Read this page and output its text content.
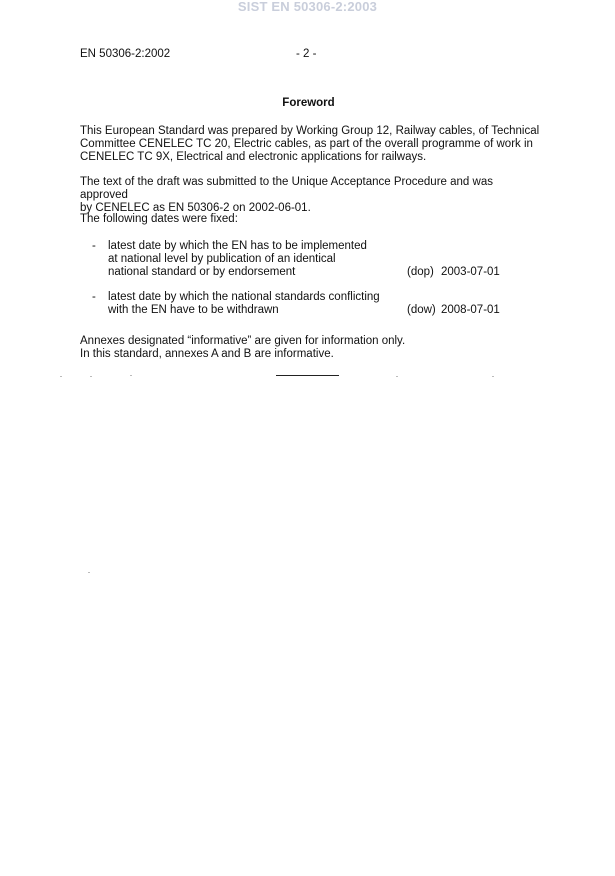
SIST EN 50306-2:2003
EN 50306-2:2002	- 2 -
Foreword

This European Standard was prepared by Working Group 12, Railway cables, of Technical
Committee CENELEC TC 20, Electric cables, as part of the overall programme of work in
CENELEC TC 9X, Electrical and electronic applications for railways.

The text of the draft was submitted to the Unique Acceptance Procedure and was approved
by CENELEC as EN 50306-2 on 2002-06-01.

The following dates were fixed:

- latest date by which the EN has to be implemented
at national level by publication of an identical
national standard or by endorsement	(dop) 2003-07-01
- latest date by which the national standards conflicting
with the EN have to be withdrawn	(dow) 2008-07-01

Annexes designated “informative” are given for information only.
In this standard, annexes A and B are informative.
